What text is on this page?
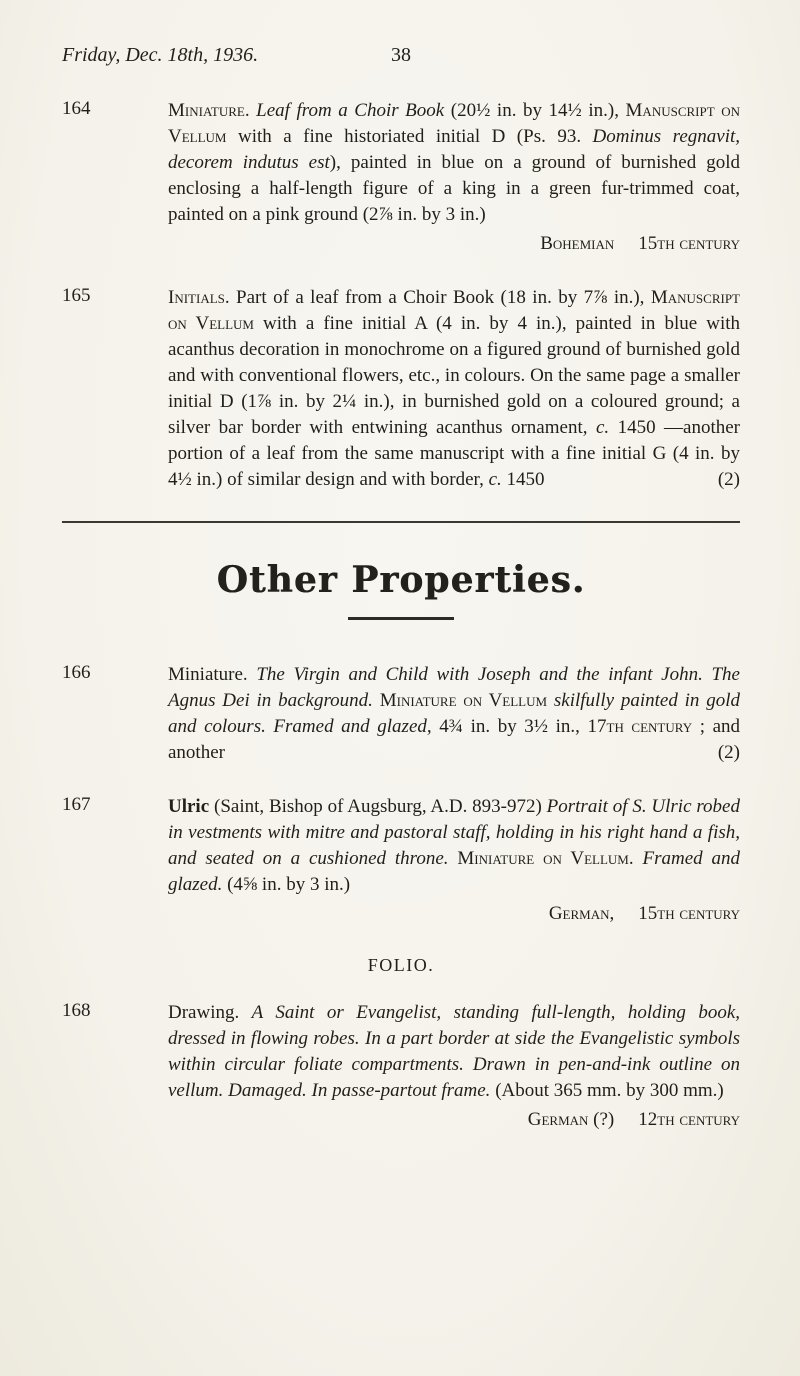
Friday, Dec. 18th, 1936.	38
164	Miniature. Leaf from a Choir Book (20½ in. by 14½ in.), Manuscript on Vellum with a fine historiated initial D (Ps. 93. Dominus regnavit, decorem indutus est), painted in blue on a ground of burnished gold enclosing a half-length figure of a king in a green fur-trimmed coat, painted on a pink ground (2⅞ in. by 3 in.)

Bohemian 15th century
165	Initials. Part of a leaf from a Choir Book (18 in. by 7⅞ in.), Manuscript on Vellum with a fine initial A (4 in. by 4 in.), painted in blue with acanthus decoration in monochrome on a figured ground of burnished gold and with conventional flowers, etc., in colours. On the same page a smaller initial D (1⅞ in. by 2¼ in.), in burnished gold on a coloured ground; a silver bar border with entwining acanthus ornament, c. 1450 —another portion of a leaf from the same manuscript with a fine initial G (4 in. by 4½ in.) of similar design and with border, c. 1450	(2)

Other Properties.
166	Miniature. The Virgin and Child with Joseph and the infant John. The Agnus Dei in background. Miniature on Vellum skilfully painted in gold and colours. Framed and glazed, 4¾ in. by 3½ in., 17th century ; and another	(2)

167	Ulric (Saint, Bishop of Augsburg, A.D. 893-972) Portrait of S. Ulric robed in vestments with mitre and pastoral staff, holding in his right hand a fish, and seated on a cushioned throne. Miniature on Vellum. Framed and glazed. (4⅝ in. by 3 in.)

German, 15th century
FOLIO.
168	Drawing. A Saint or Evangelist, standing full-length, holding book, dressed in flowing robes. In a part border at side the Evangelistic symbols within circular foliate compartments. Drawn in pen-and-ink outline on vellum. Damaged. In passe-partout frame. (About 365 mm. by 300 mm.)

German (?) 12th century
